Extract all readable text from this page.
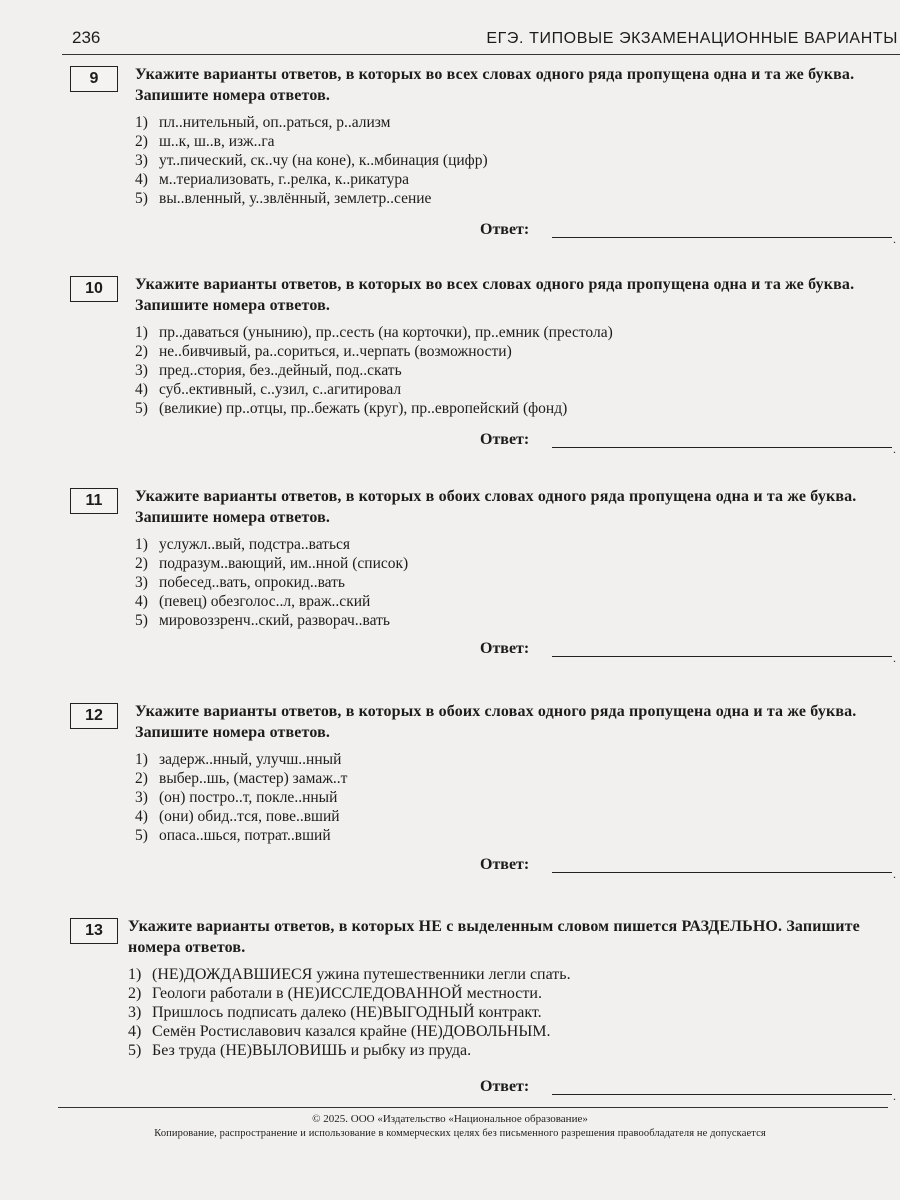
236	ЕГЭ. ТИПОВЫЕ ЭКЗАМЕНАЦИОННЫЕ ВАРИАНТЫ
9	Укажите варианты ответов, в которых во всех словах одного ряда пропущена одна и та же буква. Запишите номера ответов.
1) пл..нительный, оп..раться, р..ализм
2) ш..к, ш..в, изж..га
3) ут..пический, ск..чу (на коне), к..мбинация (цифр)
4) м..териализовать, г..релка, к..рикатура
5) вы..вленный, у..звлённый, землетр..сение
Ответ:
.
10	Укажите варианты ответов, в которых во всех словах одного ряда пропущена одна и та же буква. Запишите номера ответов.
1) пр..даваться (унынию), пр..сесть (на корточки), пр..емник (престола)
2) не..бивчивый, ра..сориться, и..черпать (возможности)
3) пред..стория, без..дейный, под..скать
4) суб..ективный, с..узил, с..агитировал
5) (великие) пр..отцы, пр..бежать (круг), пр..европейский (фонд)
Ответ:
.
11	Укажите варианты ответов, в которых в обоих словах одного ряда пропущена одна и та же буква. Запишите номера ответов.
1) услужл..вый, подстра..ваться
2) подразум..вающий, им..нной (список)
3) побесед..вать, опрокид..вать
4) (певец) обезголос..л, враж..ский
5) мировоззренч..ский, разворач..вать
Ответ:
.
12	Укажите варианты ответов, в которых в обоих словах одного ряда пропущена одна и та же буква. Запишите номера ответов.
1) задерж..нный, улучш..нный
2) выбер..шь, (мастер) замаж..т
3) (он) постро..т, покле..нный
4) (они) обид..тся, пове..вший
5) опаса..шься, потрат..вший
Ответ:
.
13	Укажите варианты ответов, в которых НЕ с выделенным словом пишется РАЗДЕЛЬНО. Запишите номера ответов.
1) (НЕ)ДОЖДАВШИЕСЯ ужина путешественники легли спать.
2) Геологи работали в (НЕ)ИССЛЕДОВАННОЙ местности.
3) Пришлось подписать далеко (НЕ)ВЫГОДНЫЙ контракт.
4) Семён Ростиславович казался крайне (НЕ)ДОВОЛЬНЫМ.
5) Без труда (НЕ)ВЫЛОВИШЬ и рыбку из пруда.
Ответ:
.
© 2025. ООО «Издательство «Национальное образование»
Копирование, распространение и использование в коммерческих целях без письменного разрешения правообладателя не допускается
